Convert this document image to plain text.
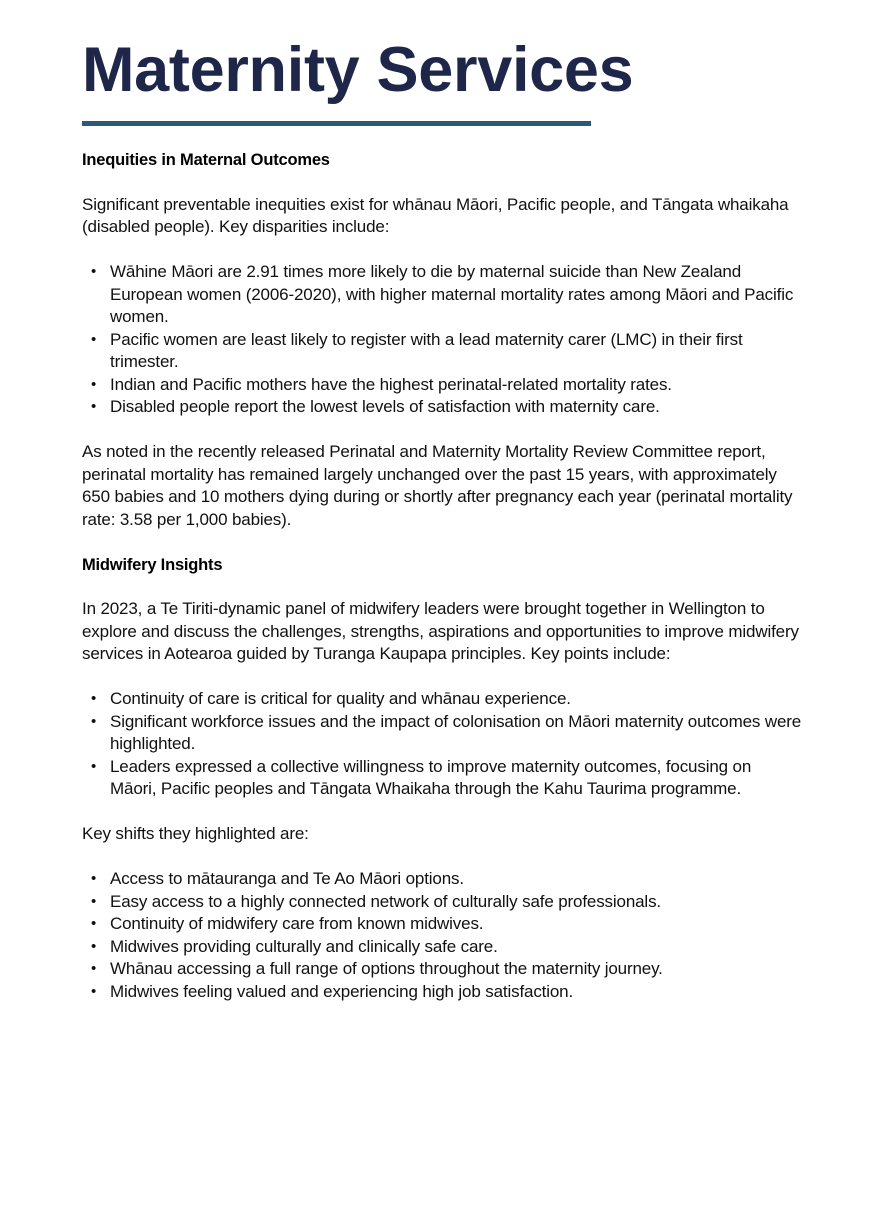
Maternity Services
Inequities in Maternal Outcomes

Significant preventable inequities exist for whānau Māori, Pacific people, and Tāngata whaikaha (disabled people). Key disparities include:

• Wāhine Māori are 2.91 times more likely to die by maternal suicide than New Zealand European women (2006-2020), with higher maternal mortality rates among Māori and Pacific women.
• Pacific women are least likely to register with a lead maternity carer (LMC) in their first trimester.
• Indian and Pacific mothers have the highest perinatal-related mortality rates.
• Disabled people report the lowest levels of satisfaction with maternity care.

As noted in the recently released Perinatal and Maternity Mortality Review Committee report, perinatal mortality has remained largely unchanged over the past 15 years, with approximately 650 babies and 10 mothers dying during or shortly after pregnancy each year (perinatal mortality rate: 3.58 per 1,000 babies).

Midwifery Insights

In 2023, a Te Tiriti-dynamic panel of midwifery leaders were brought together in Wellington to explore and discuss the challenges, strengths, aspirations and opportunities to improve midwifery services in Aotearoa guided by Turanga Kaupapa principles. Key points include:

• Continuity of care is critical for quality and whānau experience.
• Significant workforce issues and the impact of colonisation on Māori maternity outcomes were highlighted.
• Leaders expressed a collective willingness to improve maternity outcomes, focusing on Māori, Pacific peoples and Tāngata Whaikaha through the Kahu Taurima programme.

Key shifts they highlighted are:

• Access to mātauranga and Te Ao Māori options.
• Easy access to a highly connected network of culturally safe professionals.
• Continuity of midwifery care from known midwives.
• Midwives providing culturally and clinically safe care.
• Whānau accessing a full range of options throughout the maternity journey.
• Midwives feeling valued and experiencing high job satisfaction.
